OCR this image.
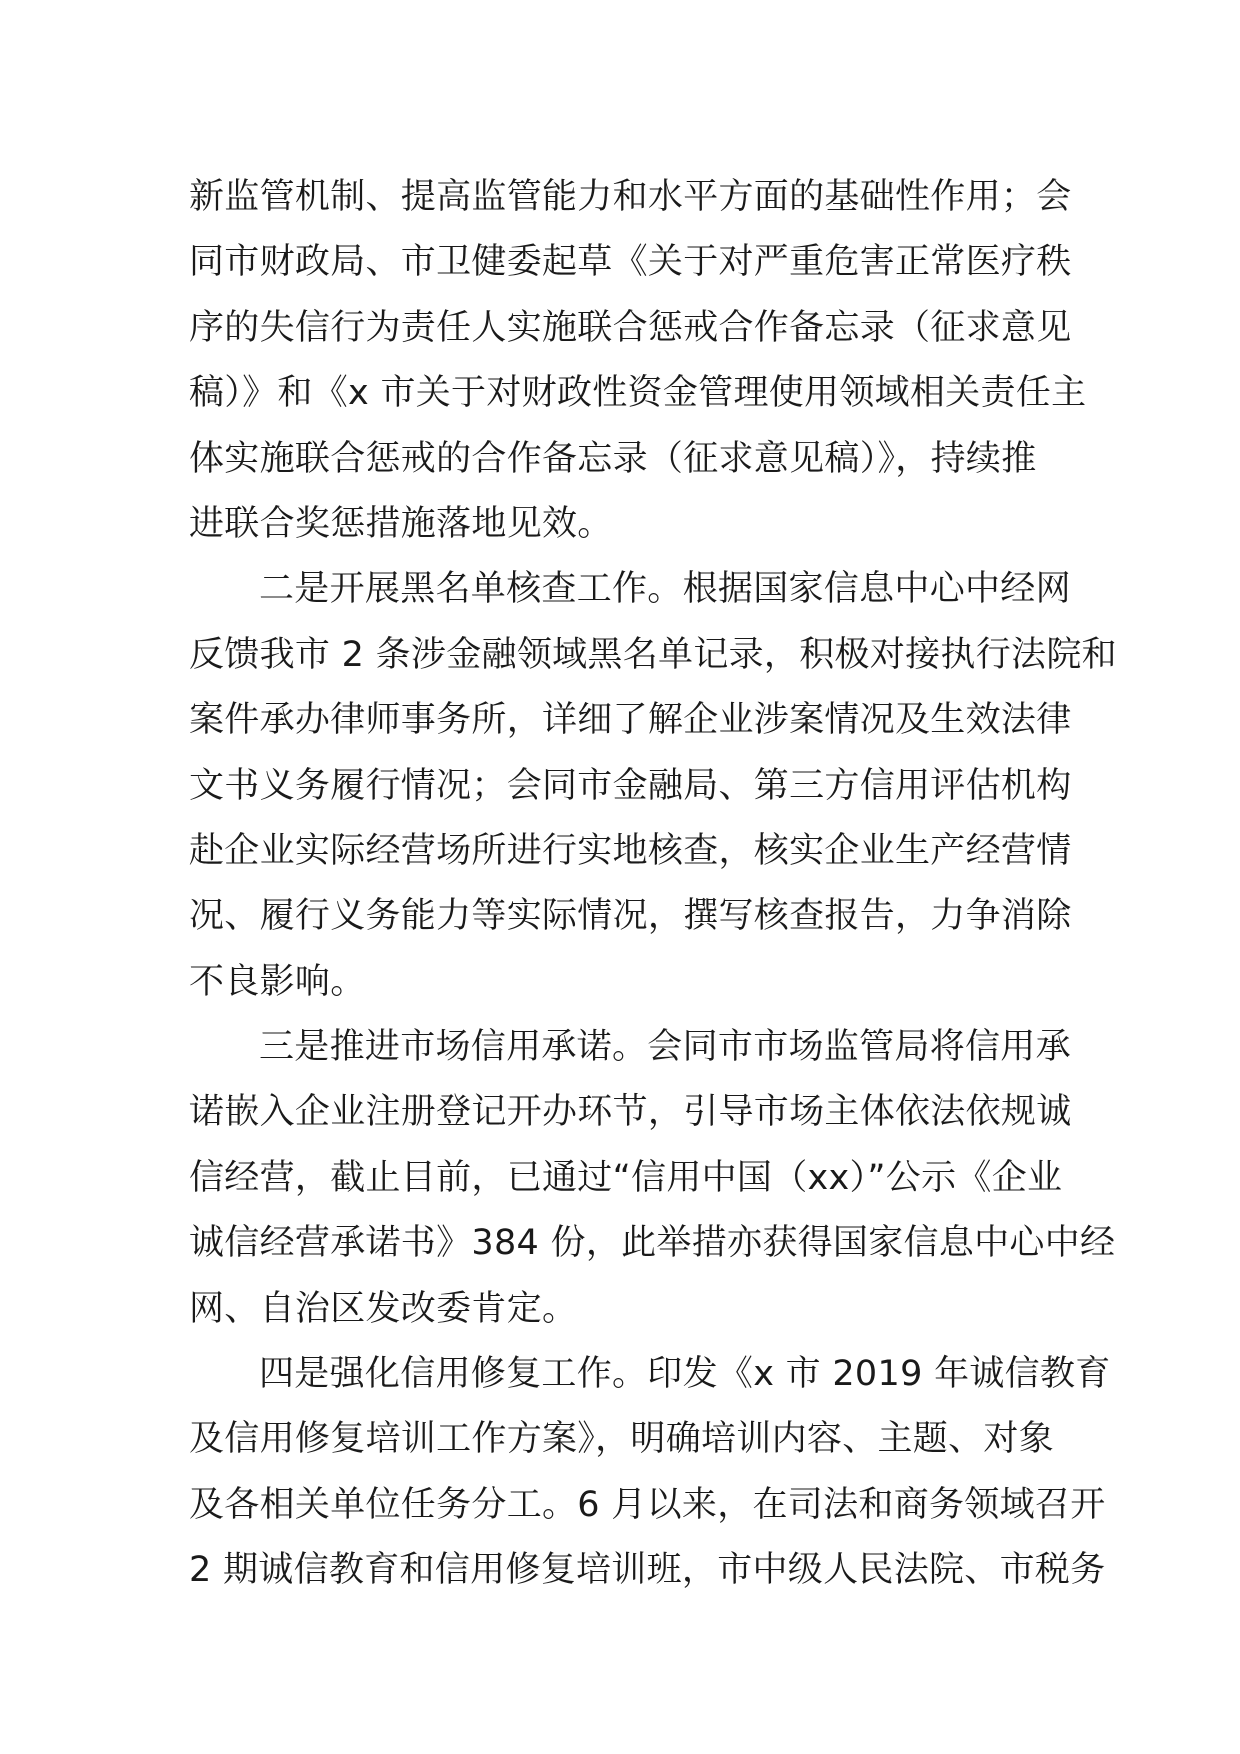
新监管机制、提高监管能力和水平方面的基础性作用；会
同市财政局、市卫健委起草《关于对严重危害正常医疗秩
序的失信行为责任人实施联合惩戒合作备忘录（征求意见
稿）》和《x 市关于对财政性资金管理使用领域相关责任主
体实施联合惩戒的合作备忘录（征求意见稿）》，持续推
进联合奖惩措施落地见效。
二是开展黑名单核查工作。根据国家信息中心中经网
反馈我市 2 条涉金融领域黑名单记录，积极对接执行法院和
案件承办律师事务所，详细了解企业涉案情况及生效法律
文书义务履行情况；会同市金融局、第三方信用评估机构
赴企业实际经营场所进行实地核查，核实企业生产经营情
况、履行义务能力等实际情况，撰写核查报告，力争消除
不良影响。
三是推进市场信用承诺。会同市市场监管局将信用承
诺嵌入企业注册登记开办环节，引导市场主体依法依规诚
信经营，截止目前，已通过“信用中国（xx）”公示《企业
诚信经营承诺书》384 份，此举措亦获得国家信息中心中经
网、自治区发改委肯定。
四是强化信用修复工作。印发《x 市 2019 年诚信教育
及信用修复培训工作方案》，明确培训内容、主题、对象
及各相关单位任务分工。6 月以来，在司法和商务领域召开
2 期诚信教育和信用修复培训班，市中级人民法院、市税务
